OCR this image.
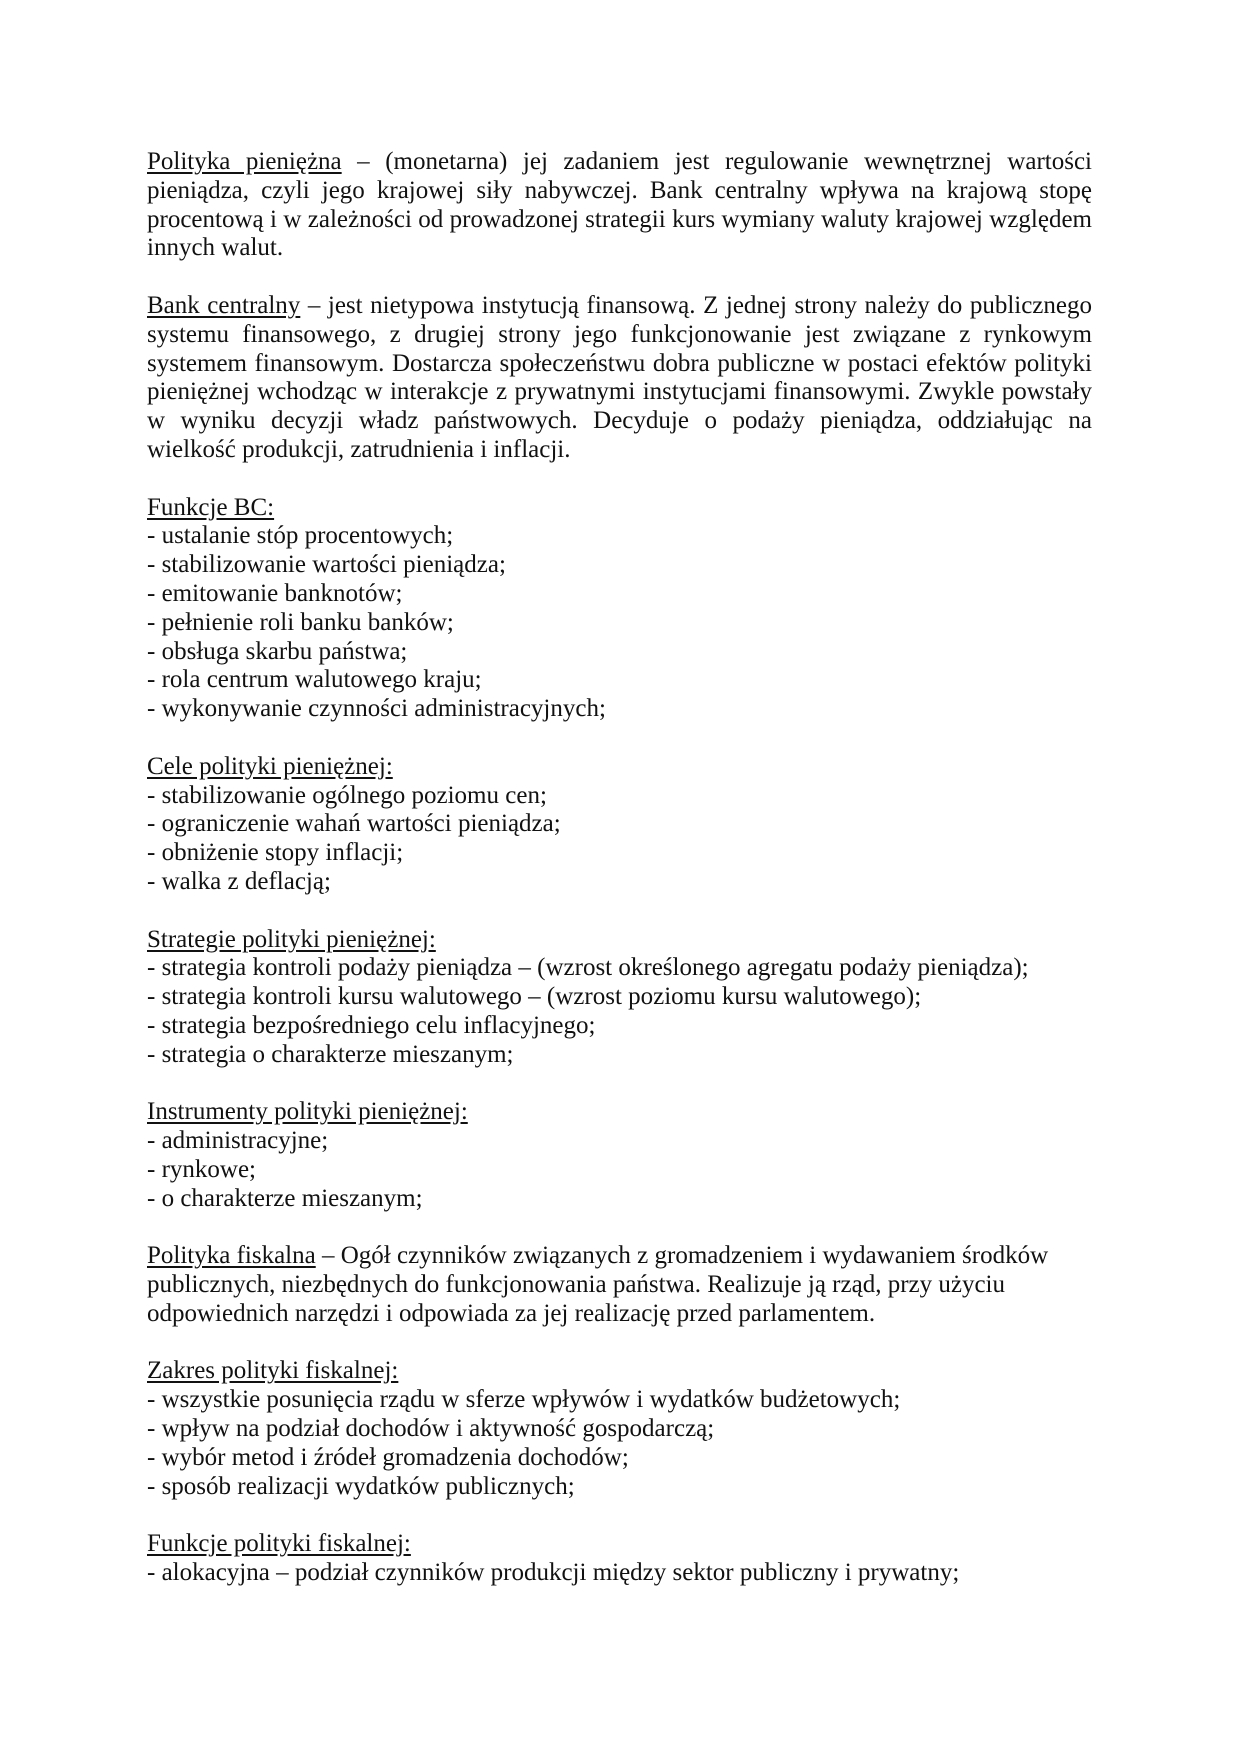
Polityka pieniężna – (monetarna) jej zadaniem jest regulowanie wewnętrznej wartości
pieniądza, czyli jego krajowej siły nabywczej. Bank centralny wpływa na krajową stopę
procentową i w zależności od prowadzonej strategii kurs wymiany waluty krajowej względem
innych walut.
Bank centralny – jest nietypowa instytucją finansową. Z jednej strony należy do publicznego
systemu finansowego, z drugiej strony jego funkcjonowanie jest związane z rynkowym
systemem finansowym. Dostarcza społeczeństwu dobra publiczne w postaci efektów polityki
pieniężnej wchodząc w interakcje z prywatnymi instytucjami finansowymi. Zwykle powstały
w wyniku decyzji władz państwowych. Decyduje o podaży pieniądza, oddziałując na
wielkość produkcji, zatrudnienia i inflacji.
Funkcje BC:
- ustalanie stóp procentowych;
- stabilizowanie wartości pieniądza;
- emitowanie banknotów;
- pełnienie roli banku banków;
- obsługa skarbu państwa;
- rola centrum walutowego kraju;
- wykonywanie czynności administracyjnych;
Cele polityki pieniężnej:
- stabilizowanie ogólnego poziomu cen;
- ograniczenie wahań wartości pieniądza;
- obniżenie stopy inflacji;
- walka z deflacją;
Strategie polityki pieniężnej:
- strategia kontroli podaży pieniądza – (wzrost określonego agregatu podaży pieniądza);
- strategia kontroli kursu walutowego – (wzrost poziomu kursu walutowego);
- strategia bezpośredniego celu inflacyjnego;
- strategia o charakterze mieszanym;
Instrumenty polityki pieniężnej:
- administracyjne;
- rynkowe;
- o charakterze mieszanym;
Polityka fiskalna – Ogół czynników związanych z gromadzeniem i wydawaniem środków
publicznych, niezbędnych do funkcjonowania państwa. Realizuje ją rząd, przy użyciu
odpowiednich narzędzi i odpowiada za jej realizację przed parlamentem.
Zakres polityki fiskalnej:
- wszystkie posunięcia rządu w sferze wpływów i wydatków budżetowych;
- wpływ na podział dochodów i aktywność gospodarczą;
- wybór metod i źródeł gromadzenia dochodów;
- sposób realizacji wydatków publicznych;
Funkcje polityki fiskalnej:
- alokacyjna – podział czynników produkcji między sektor publiczny i prywatny;
